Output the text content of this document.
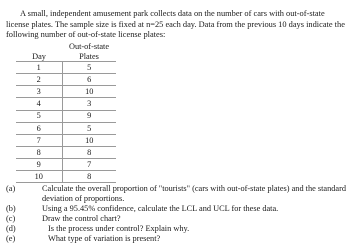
A small, independent amusement park collects data on the number of cars with out-of-state license plates. The sample size is fixed at n=25 each day. Data from the previous 10 days indicate the following number of out-of-state license plates:

Day	Out-of-state
Plates
1	5
2	6
3	10
4	3
5	9
6	5
7	10
8	8
9	7
10	8
(a)	Calculate the overall proportion of "tourists" (cars with out-of-state plates) and the standard deviation of proportions.
(b)	Using a 95.45% confidence, calculate the LCL and UCL for these data.
(c)	Draw the control chart?
(d)	Is the process under control? Explain why.
(e)	What type of variation is present?
